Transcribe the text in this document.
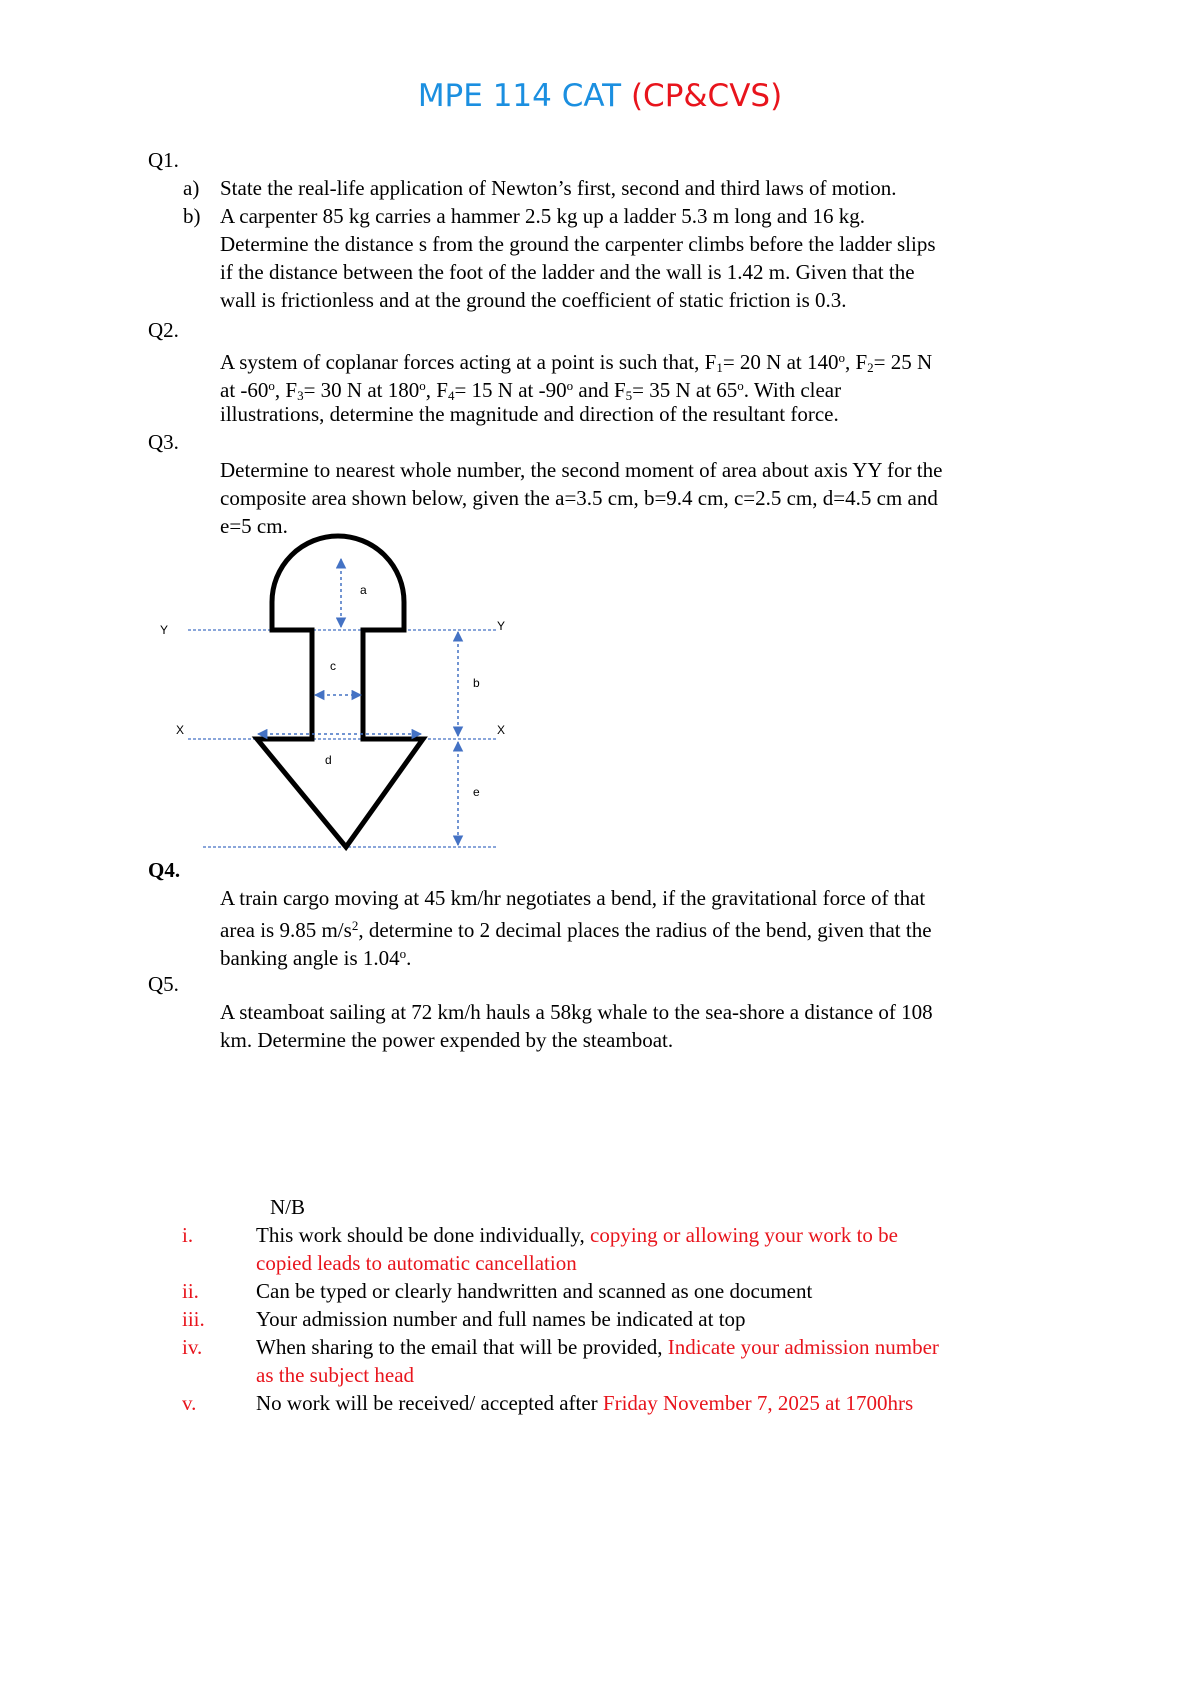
MPE 114 CAT (CP&CVS)
Q1.
a) State the real-life application of Newton’s first, second and third laws of motion.
b) A carpenter 85 kg carries a hammer 2.5 kg up a ladder 5.3 m long and 16 kg.
Determine the distance s from the ground the carpenter climbs before the ladder slips
if the distance between the foot of the ladder and the wall is 1.42 m. Given that the
wall is frictionless and at the ground the coefficient of static friction is 0.3.
Q2.
A system of coplanar forces acting at a point is such that, $F_1= 20$ N at 140$^o$, $F_2= 25$ N
at -60$^o$, $F_3= 30$ N at 180$^o$, $F_4= 15$ N at -90$^o$ and $F_5= 35$ N at 65$^o$. With clear
illustrations, determine the magnitude and direction of the resultant force.
Q3.
Determine to nearest whole number, the second moment of area about axis YY for the
composite area shown below, given the a=3.5 cm, b=9.4 cm, c=2.5 cm, d=4.5 cm and
e=5 cm.
Y	Y
X	X
a
b
c
d
e
Q4.
A train cargo moving at 45 km/hr negotiates a bend, if the gravitational force of that
area is 9.85 $m/s^2$, determine to 2 decimal places the radius of the bend, given that the
banking angle is 1.04$^o$.
Q5.
A steamboat sailing at 72 km/h hauls a 58kg whale to the sea-shore a distance of 108
km. Determine the power expended by the steamboat.
N/B
i.	This work should be done individually, copying or allowing your work to be
copied leads to automatic cancellation
ii.	Can be typed or clearly handwritten and scanned as one document
iii. Your admission number and full names be indicated at top
iv.	When sharing to the email that will be provided, Indicate your admission number
as the subject head
v.	No work will be received/ accepted after Friday November 7, 2025 at 1700hrs
